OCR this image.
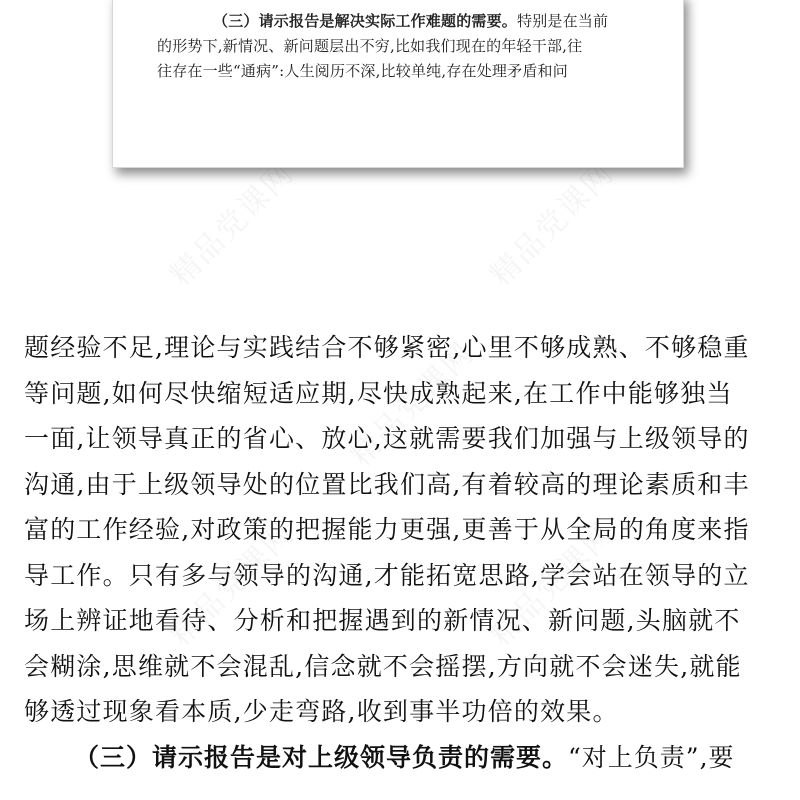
精品党课网	精品党课网
精品党课网
精品党课网
精品党课网
（三）请示报告是解决实际工作难题的需要。特别是在当前
的形势下,新情况、新问题层出不穷,比如我们现在的年轻干部,往
往存在一些“通病”:人生阅历不深,比较单纯,存在处理矛盾和问
题经验不足,理论与实践结合不够紧密,心里不够成熟、不够稳重
等问题,如何尽快缩短适应期,尽快成熟起来,在工作中能够独当
一面,让领导真正的省心、放心,这就需要我们加强与上级领导的
沟通,由于上级领导处的位置比我们高,有着较高的理论素质和丰
富的工作经验,对政策的把握能力更强,更善于从全局的角度来指
导工作。只有多与领导的沟通,才能拓宽思路,学会站在领导的立
场上辨证地看待、分析和把握遇到的新情况、新问题,头脑就不
会糊涂,思维就不会混乱,信念就不会摇摆,方向就不会迷失,就能
够透过现象看本质,少走弯路,收到事半功倍的效果。
（三）请示报告是对上级领导负责的需要。“对上负责”,要
